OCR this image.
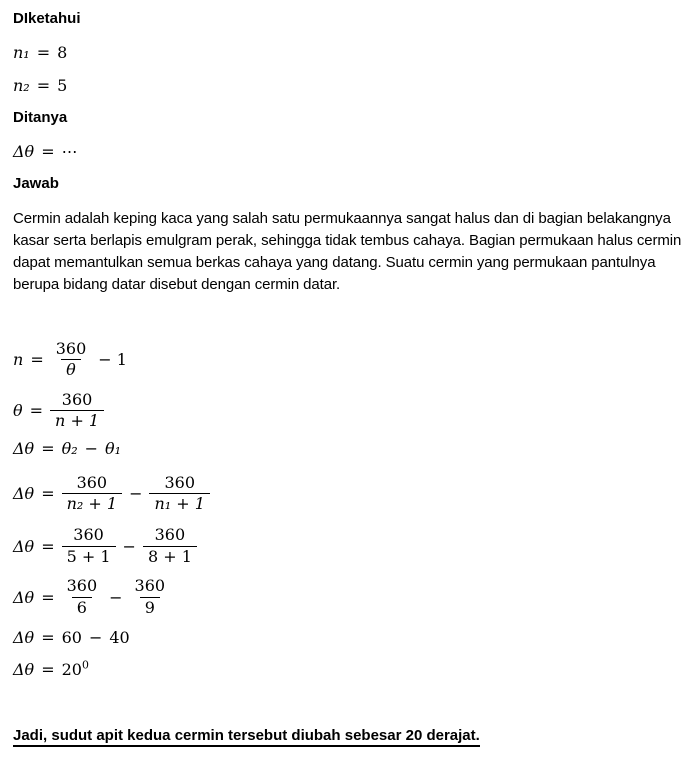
DIketahui
n₁ = 8
n₂ = 5
Ditanya
Δθ = ⋯
Jawab

Cermin adalah keping kaca yang salah satu permukaannya sangat halus dan di bagian belakangnya kasar serta berlapis emulgram perak, sehingga tidak tembus cahaya. Bagian permukaan halus cermin dapat memantulkan semua berkas cahaya yang datang. Suatu cermin yang permukaan pantulnya berupa bidang datar disebut dengan cermin datar.

$n = \frac{360}{\theta} - 1$
$\theta = \frac{360}{n + 1}$
Δθ = θ₂ − θ₁
$\Delta\theta = \frac{360}{\text{n₂ + 1}} - \frac{360}{\text{n₁ + 1}}$
$\Delta\theta = \frac{360}{5 + 1} - \frac{360}{8 + 1}$
$\Delta\theta = \frac{360}{6} - \frac{360}{9}$
Δθ = 60 − 40
$\Delta\theta = 20^0$
Jadi, sudut apit kedua cermin tersebut diubah sebesar 20 derajat.
